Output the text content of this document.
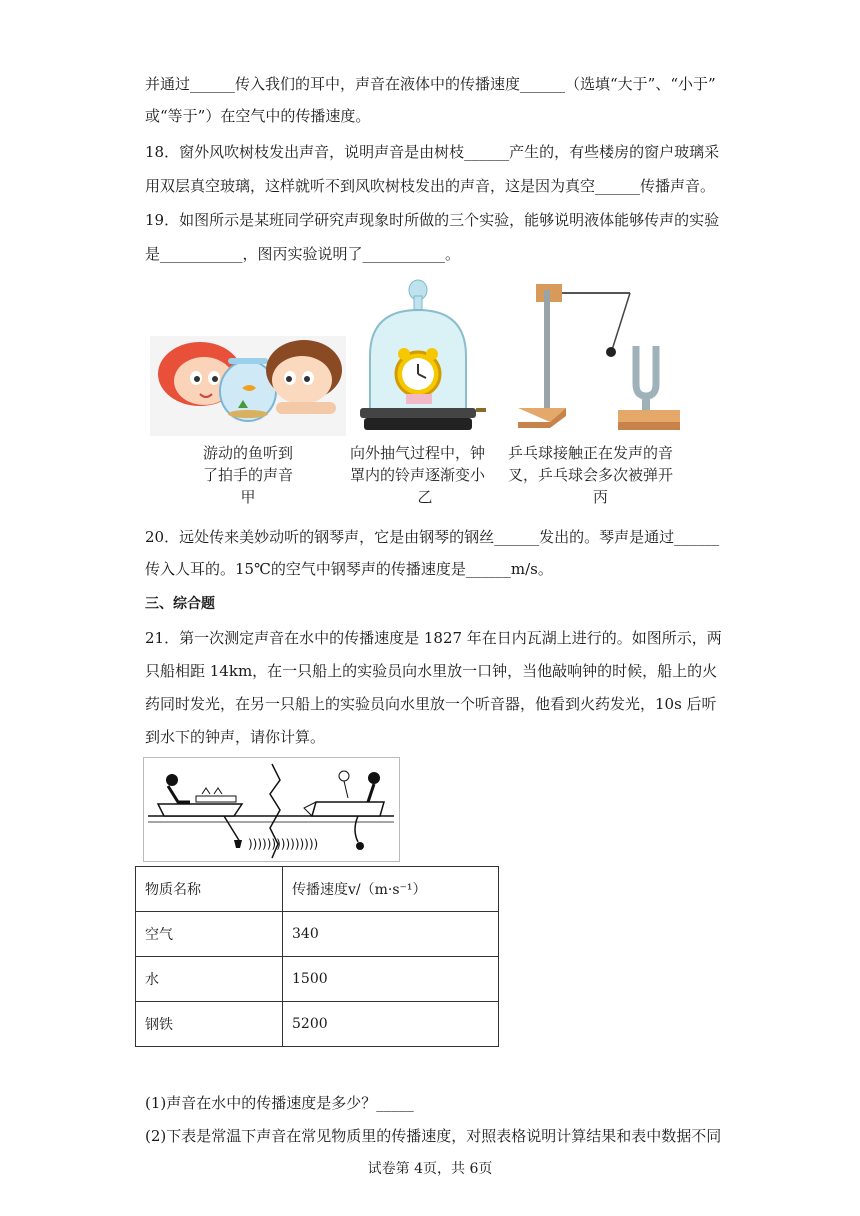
并通过______传入我们的耳中，声音在液体中的传播速度______（选填“大于”、“小于”
或“等于”）在空气中的传播速度。
18．窗外风吹树枝发出声音，说明声音是由树枝______产生的，有些楼房的窗户玻璃采
用双层真空玻璃，这样就听不到风吹树枝发出的声音，这是因为真空______传播声音。
19．如图所示是某班同学研究声现象时所做的三个实验，能够说明液体能够传声的实验
是___________，图丙实验说明了___________。
游动的鱼听到
了拍手的声音
甲
向外抽气过程中，钟
罩内的铃声逐渐变小
乙
乒乓球接触正在发声的音
叉，乒乓球会多次被弹开
丙
20．远处传来美妙动听的钢琴声，它是由钢琴的钢丝______发出的。琴声是通过______
传入人耳的。15℃的空气中钢琴声的传播速度是______m/s。
三、综合题
21．第一次测定声音在水中的传播速度是 1827 年在日内瓦湖上进行的。如图所示，两
只船相距 14km，在一只船上的实验员向水里放一口钟，当他敲响钟的时候，船上的火
药同时发光，在另一只船上的实验员向水里放一个听音器，他看到火药发光，10s 后听
到水下的钟声，请你计算。
)))))))))))))))
物质名称	传播速度v/（m·s⁻¹）
空气	340
水	1500
钢铁	5200
(1)声音在水中的传播速度是多少？_____
(2)下表是常温下声音在常见物质里的传播速度，对照表格说明计算结果和表中数据不同
试卷第 4页，共 6页
